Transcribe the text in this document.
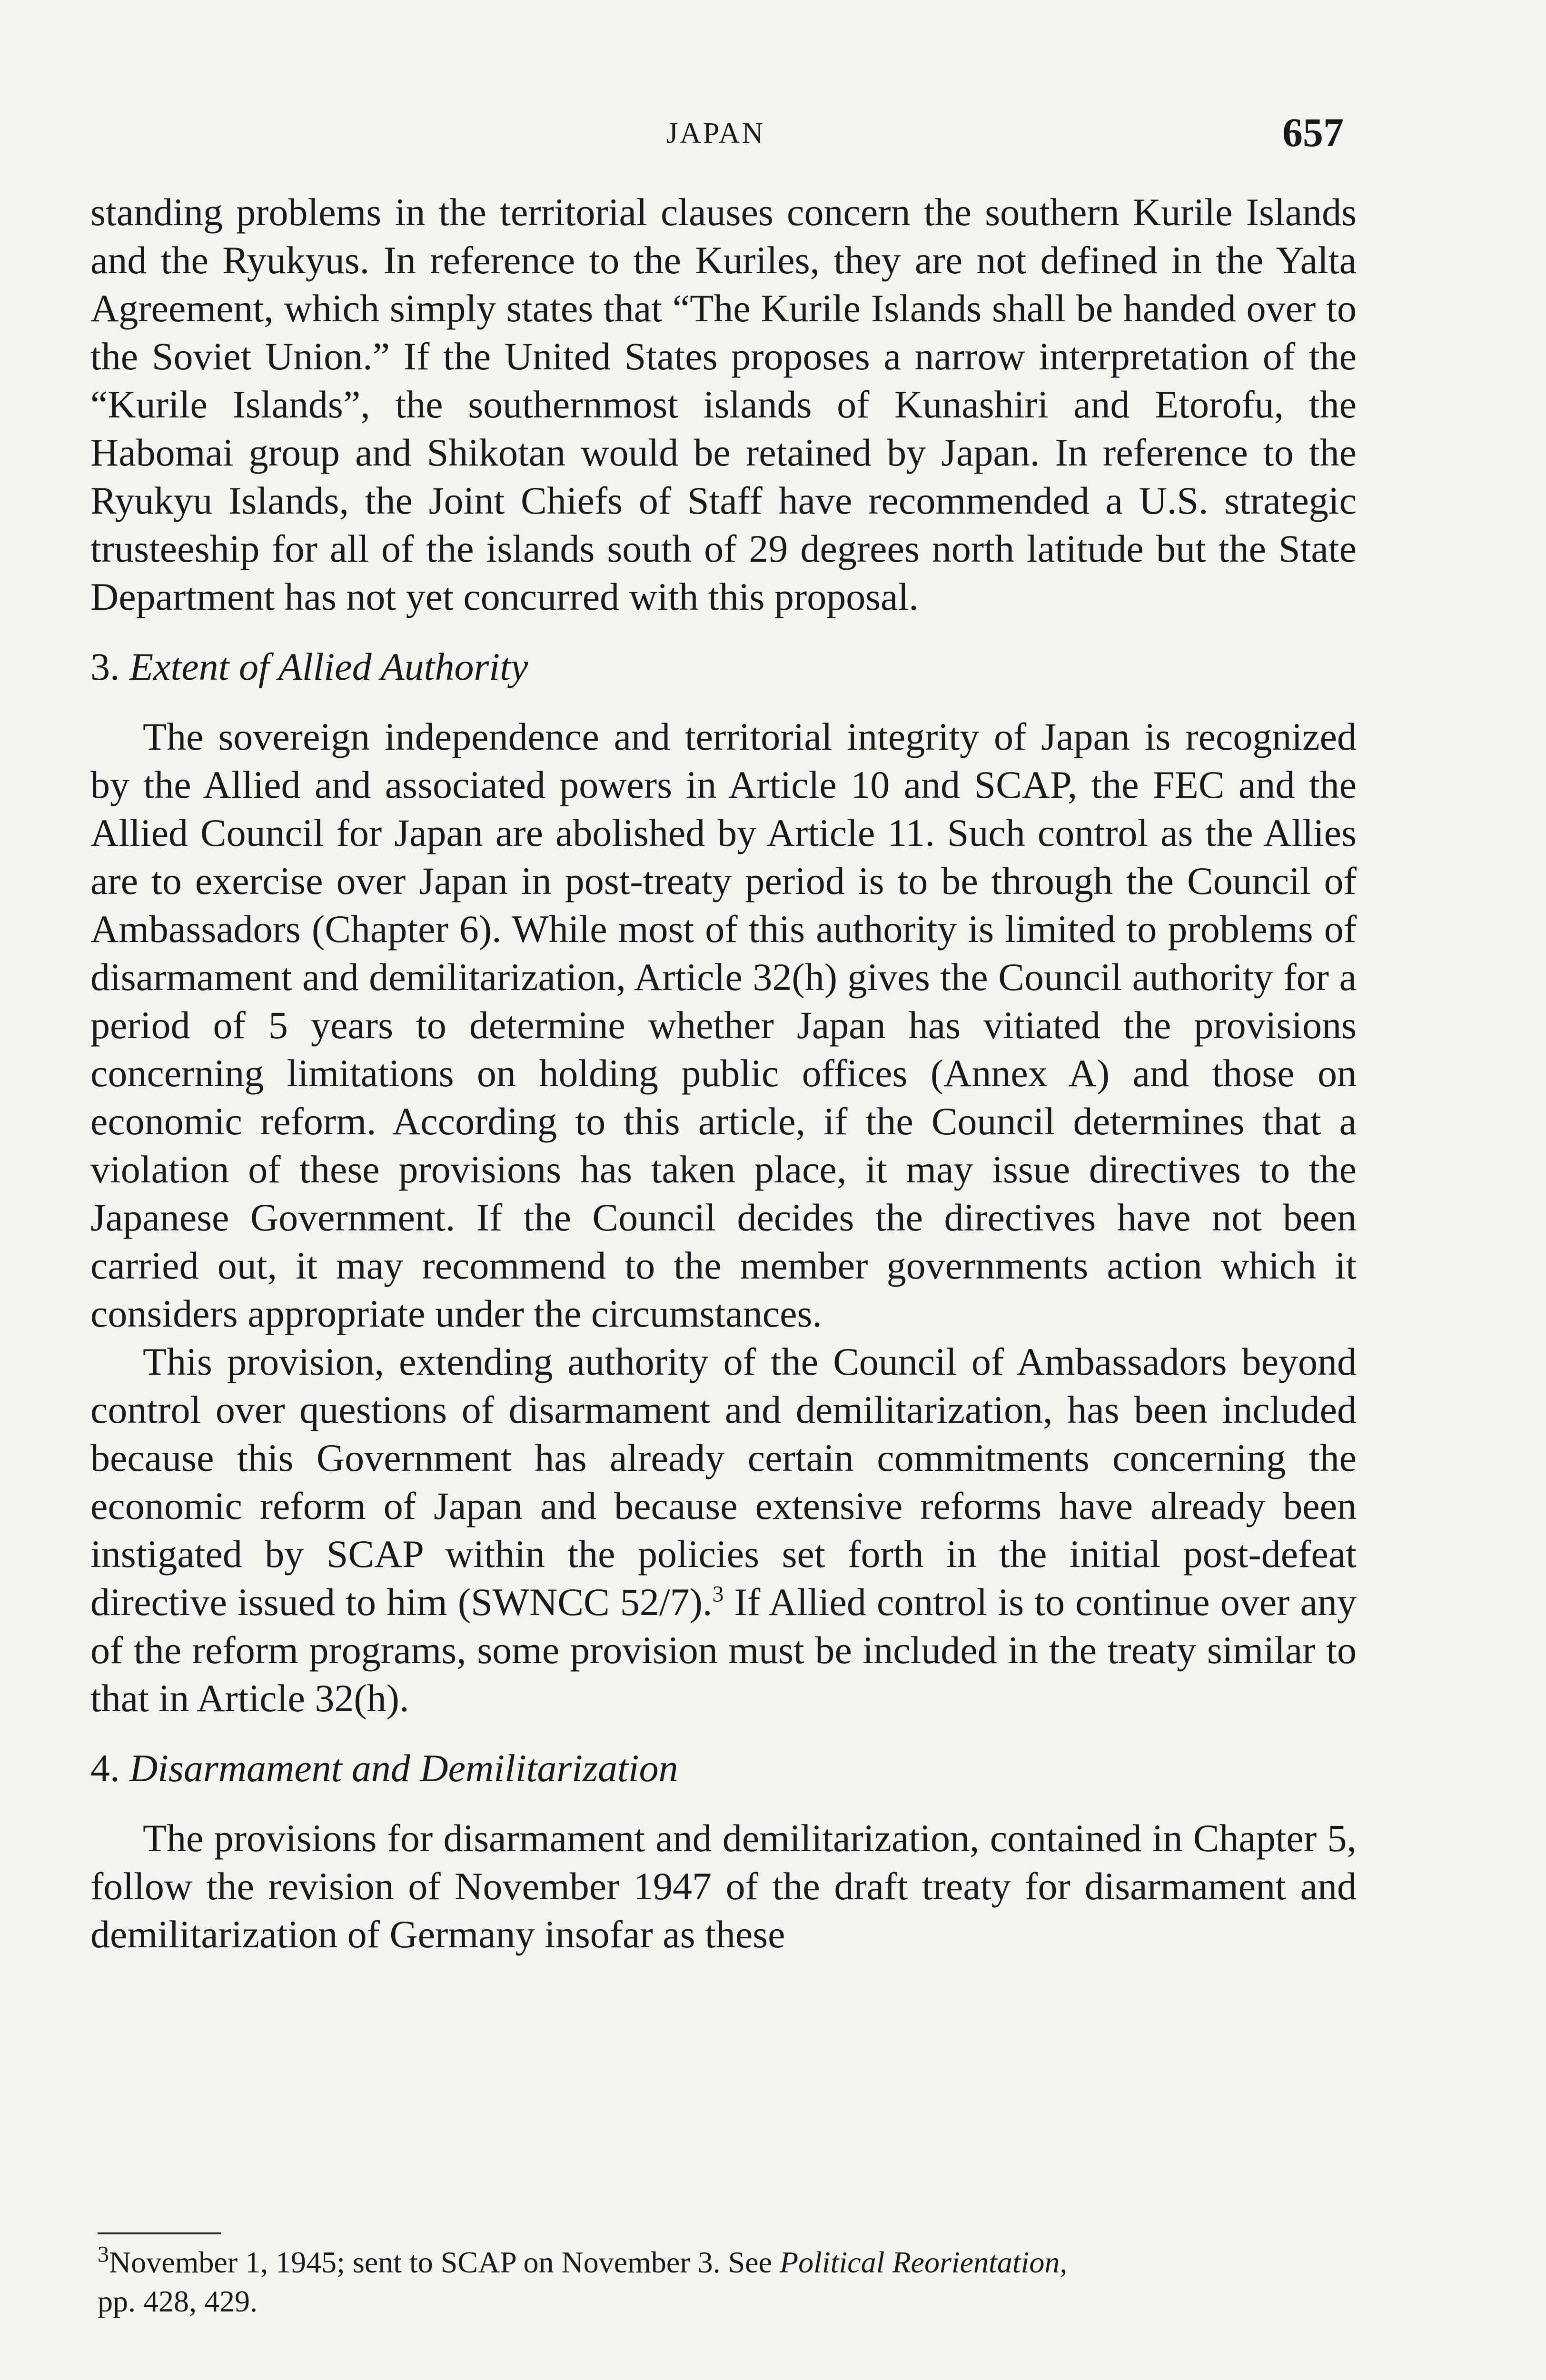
JAPAN	657

standing problems in the territorial clauses concern the southern Kurile Islands and the Ryukyus. In reference to the Kuriles, they are not defined in the Yalta Agreement, which simply states that “The Kurile Islands shall be handed over to the Soviet Union.” If the United States proposes a narrow interpretation of the “Kurile Islands”, the southernmost islands of Kunashiri and Etorofu, the Habomai group and Shikotan would be retained by Japan. In reference to the Ryukyu Islands, the Joint Chiefs of Staff have recommended a U.S. strategic trusteeship for all of the islands south of 29 degrees north latitude but the State Department has not yet concurred with this proposal.

3. Extent of Allied Authority

The sovereign independence and territorial integrity of Japan is recognized by the Allied and associated powers in Article 10 and SCAP, the FEC and the Allied Council for Japan are abolished by Article 11. Such control as the Allies are to exercise over Japan in post-treaty period is to be through the Council of Ambassadors (Chapter 6). While most of this authority is limited to problems of disarmament and demilitarization, Article 32(h) gives the Council authority for a period of 5 years to determine whether Japan has vitiated the provisions concerning limitations on holding public offices (Annex A) and those on economic reform. According to this article, if the Council determines that a violation of these provisions has taken place, it may issue directives to the Japanese Government. If the Council decides the directives have not been carried out, it may recommend to the member governments action which it considers appropriate under the circumstances.

This provision, extending authority of the Council of Ambassadors beyond control over questions of disarmament and demilitarization, has been included because this Government has already certain commitments concerning the economic reform of Japan and because extensive reforms have already been instigated by SCAP within the policies set forth in the initial post-defeat directive issued to him (SWNCC 52/7).$^3$ If Allied control is to continue over any of the reform programs, some provision must be included in the treaty similar to that in Article 32(h).

4. Disarmament and Demilitarization

The provisions for disarmament and demilitarization, contained in Chapter 5, follow the revision of November 1947 of the draft treaty for disarmament and demilitarization of Germany insofar as these

$^3$November 1, 1945; sent to SCAP on November 3. See Political Reorientation,
pp. 428, 429.
